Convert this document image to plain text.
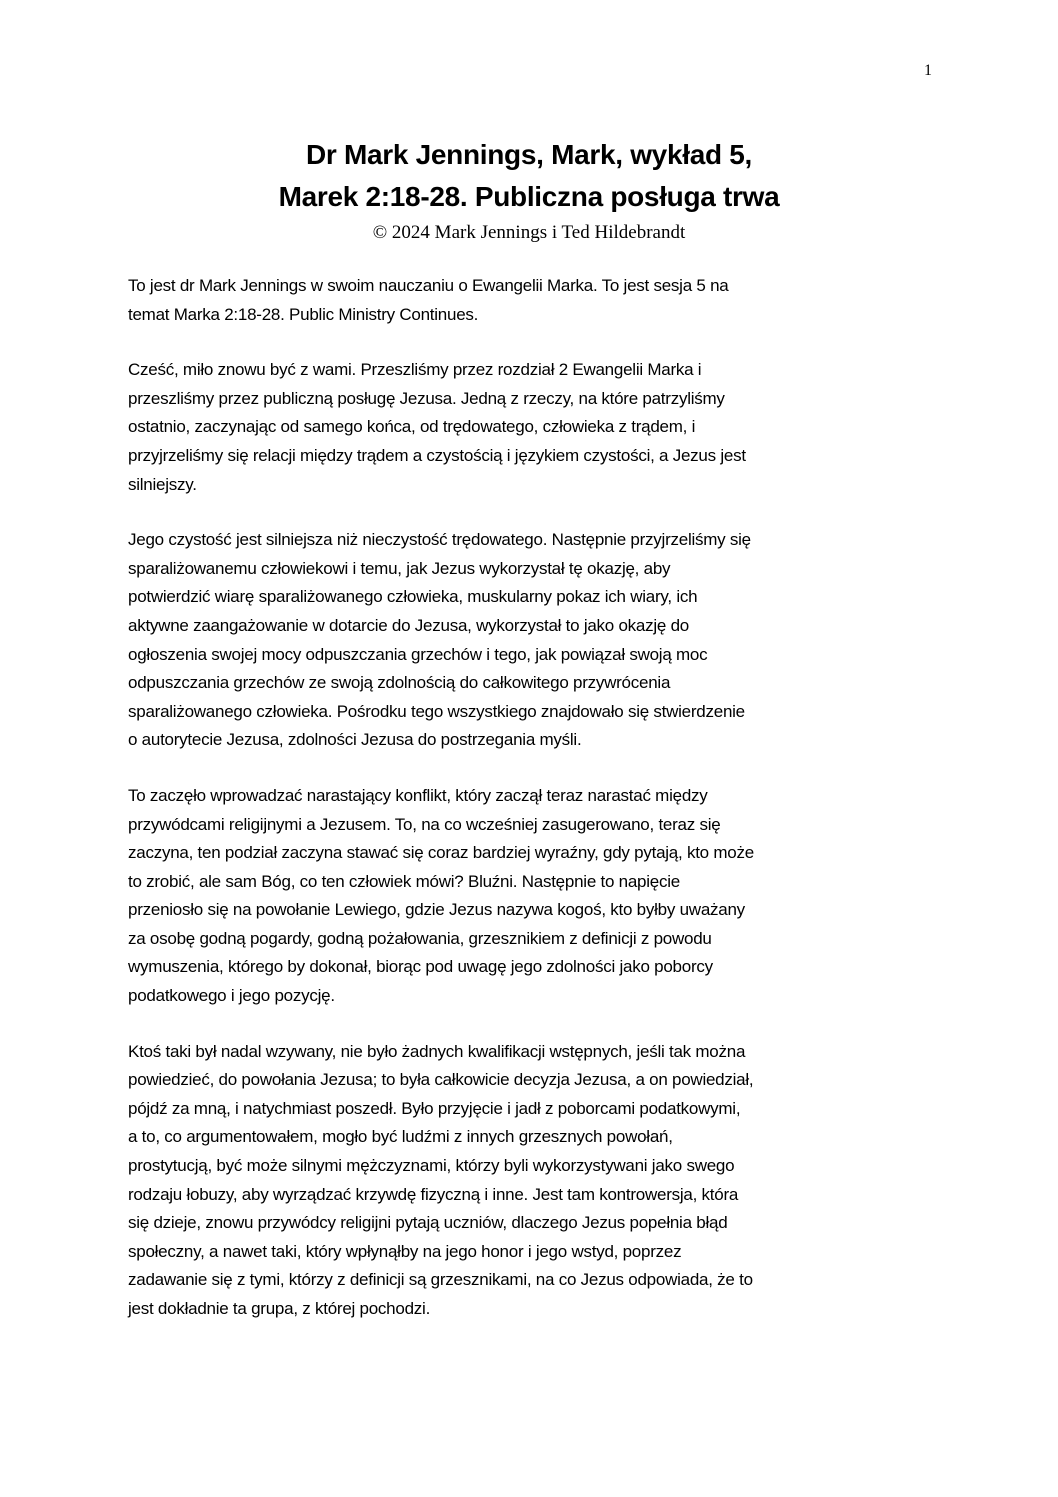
1
Dr Mark Jennings, Mark, wykład 5,
Marek 2:18-28. Publiczna posługa trwa
© 2024 Mark Jennings i Ted Hildebrandt
To jest dr Mark Jennings w swoim nauczaniu o Ewangelii Marka. To jest sesja 5 na
temat Marka 2:18-28. Public Ministry Continues.
Cześć, miło znowu być z wami. Przeszliśmy przez rozdział 2 Ewangelii Marka i
przeszliśmy przez publiczną posługę Jezusa. Jedną z rzeczy, na które patrzyliśmy
ostatnio, zaczynając od samego końca, od trędowatego, człowieka z trądem, i
przyjrzeliśmy się relacji między trądem a czystością i językiem czystości, a Jezus jest
silniejszy.
Jego czystość jest silniejsza niż nieczystość trędowatego. Następnie przyjrzeliśmy się
sparaliżowanemu człowiekowi i temu, jak Jezus wykorzystał tę okazję, aby
potwierdzić wiarę sparaliżowanego człowieka, muskularny pokaz ich wiary, ich
aktywne zaangażowanie w dotarcie do Jezusa, wykorzystał to jako okazję do
ogłoszenia swojej mocy odpuszczania grzechów i tego, jak powiązał swoją moc
odpuszczania grzechów ze swoją zdolnością do całkowitego przywrócenia
sparaliżowanego człowieka. Pośrodku tego wszystkiego znajdowało się stwierdzenie
o autorytecie Jezusa, zdolności Jezusa do postrzegania myśli.
To zaczęło wprowadzać narastający konflikt, który zaczął teraz narastać między
przywódcami religijnymi a Jezusem. To, na co wcześniej zasugerowano, teraz się
zaczyna, ten podział zaczyna stawać się coraz bardziej wyraźny, gdy pytają, kto może
to zrobić, ale sam Bóg, co ten człowiek mówi? Bluźni. Następnie to napięcie
przeniosło się na powołanie Lewiego, gdzie Jezus nazywa kogoś, kto byłby uważany
za osobę godną pogardy, godną pożałowania, grzesznikiem z definicji z powodu
wymuszenia, którego by dokonał, biorąc pod uwagę jego zdolności jako poborcy
podatkowego i jego pozycję.
Ktoś taki był nadal wzywany, nie było żadnych kwalifikacji wstępnych, jeśli tak można
powiedzieć, do powołania Jezusa; to była całkowicie decyzja Jezusa, a on powiedział,
pójdź za mną, i natychmiast poszedł. Było przyjęcie i jadł z poborcami podatkowymi,
a to, co argumentowałem, mogło być ludźmi z innych grzesznych powołań,
prostytucją, być może silnymi mężczyznami, którzy byli wykorzystywani jako swego
rodzaju łobuzy, aby wyrządzać krzywdę fizyczną i inne. Jest tam kontrowersja, która
się dzieje, znowu przywódcy religijni pytają uczniów, dlaczego Jezus popełnia błąd
społeczny, a nawet taki, który wpłynąłby na jego honor i jego wstyd, poprzez
zadawanie się z tymi, którzy z definicji są grzesznikami, na co Jezus odpowiada, że to
jest dokładnie ta grupa, z której pochodzi.
